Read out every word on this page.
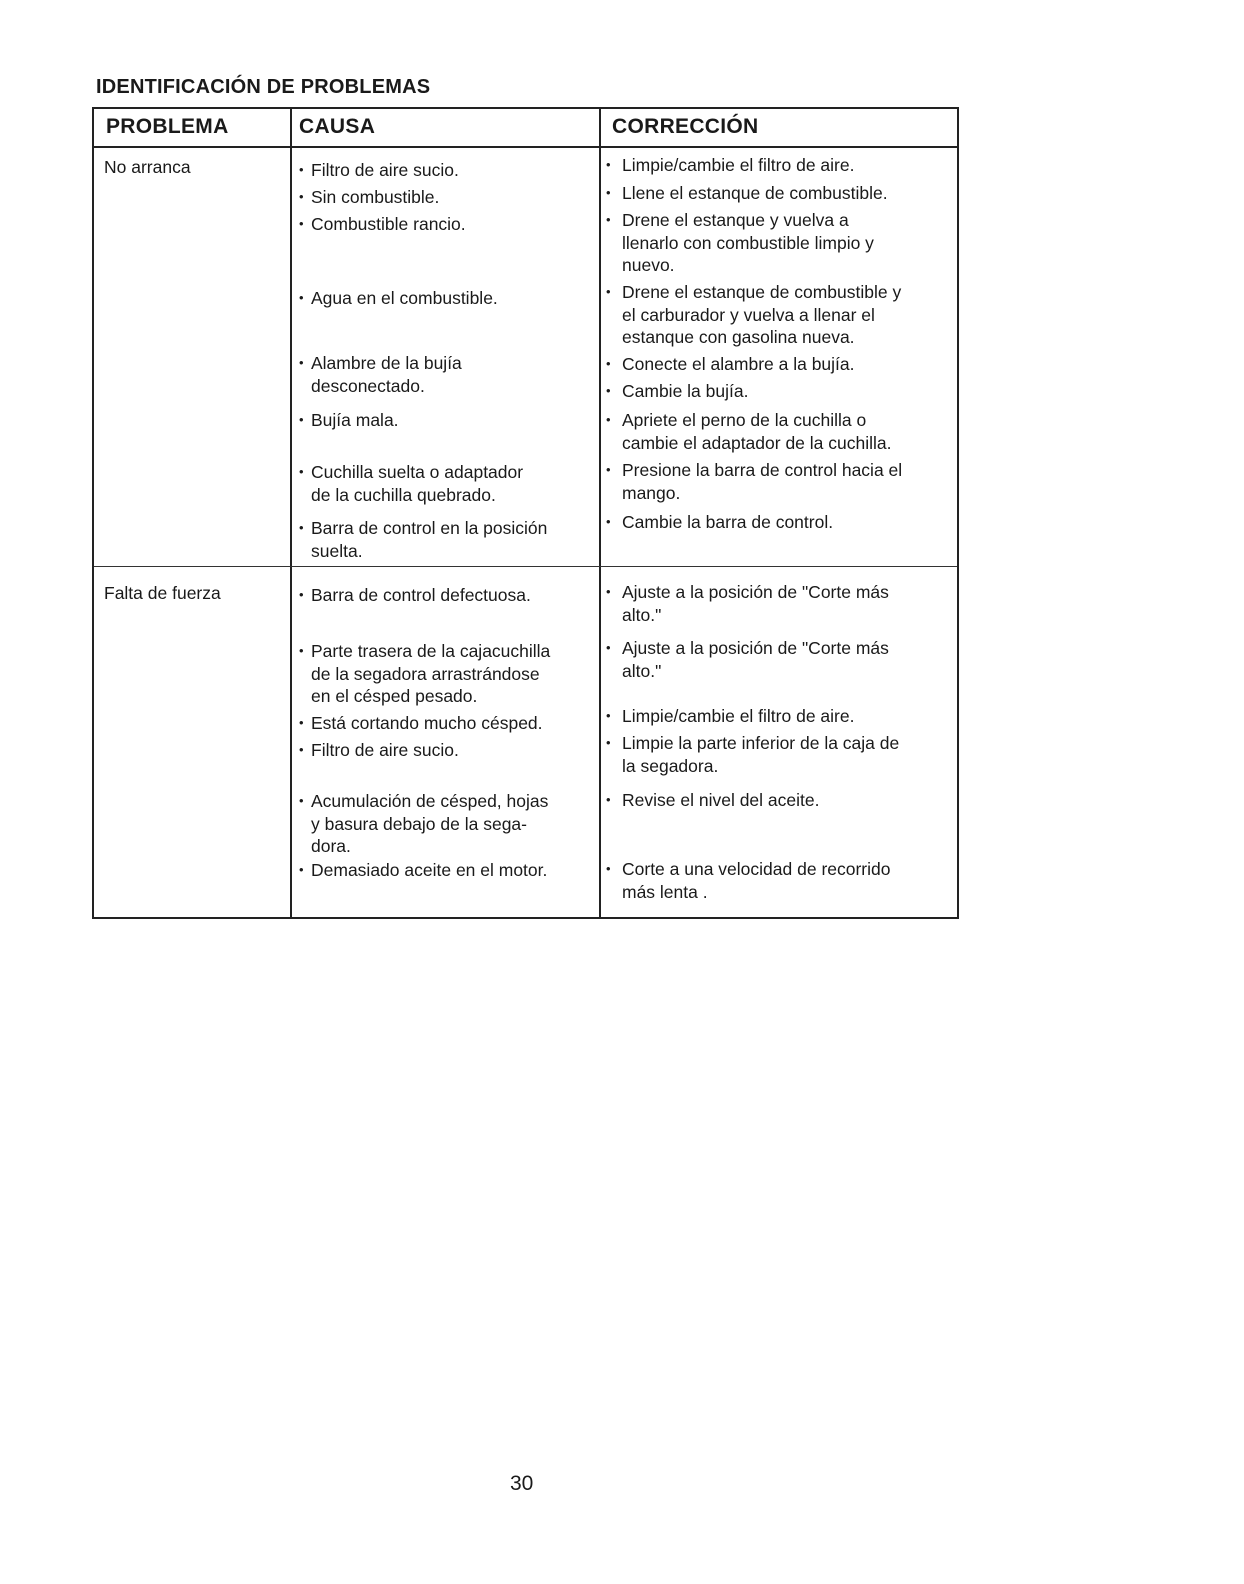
IDENTIFICACIÓN DE PROBLEMAS
PROBLEMA	CAUSA	CORRECCIÓN
No arranca
Falta de fuerza
• Filtro de aire sucio.
• Sin combustible.
• Combustible rancio.
• Agua en el combustible.
• Alambre de la bujía
desconectado.
• Bujía mala.
• Cuchilla suelta o adaptador
de la cuchilla quebrado.
• Barra de control en la posición
suelta.
• Limpie/cambie el filtro de aire.
• Llene el estanque de combustible.
• Drene el estanque y vuelva a
llenarlo con combustible limpio y
nuevo.
• Drene el estanque de combustible y
el carburador y vuelva a llenar el
estanque con gasolina nueva.
• Conecte el alambre a la bujía.
• Cambie la bujía.
• Apriete el perno de la cuchilla o
cambie el adaptador de la cuchilla.
• Presione la barra de control hacia el
mango.
• Cambie la barra de control.
• Barra de control defectuosa.
• Parte trasera de la cajacuchilla
de la segadora arrastrándose
en el césped pesado.
• Está cortando mucho césped.
• Filtro de aire sucio.
• Acumulación de césped, hojas
y basura debajo de la sega-
dora.
• Demasiado aceite en el motor.
• Ajuste a la posición de "Corte más
alto."
• Ajuste a la posición de "Corte más
alto."
• Limpie/cambie el filtro de aire.
• Limpie la parte inferior de la caja de
la segadora.
• Revise el nivel del aceite.
• Corte a una velocidad de recorrido
más lenta .
30
